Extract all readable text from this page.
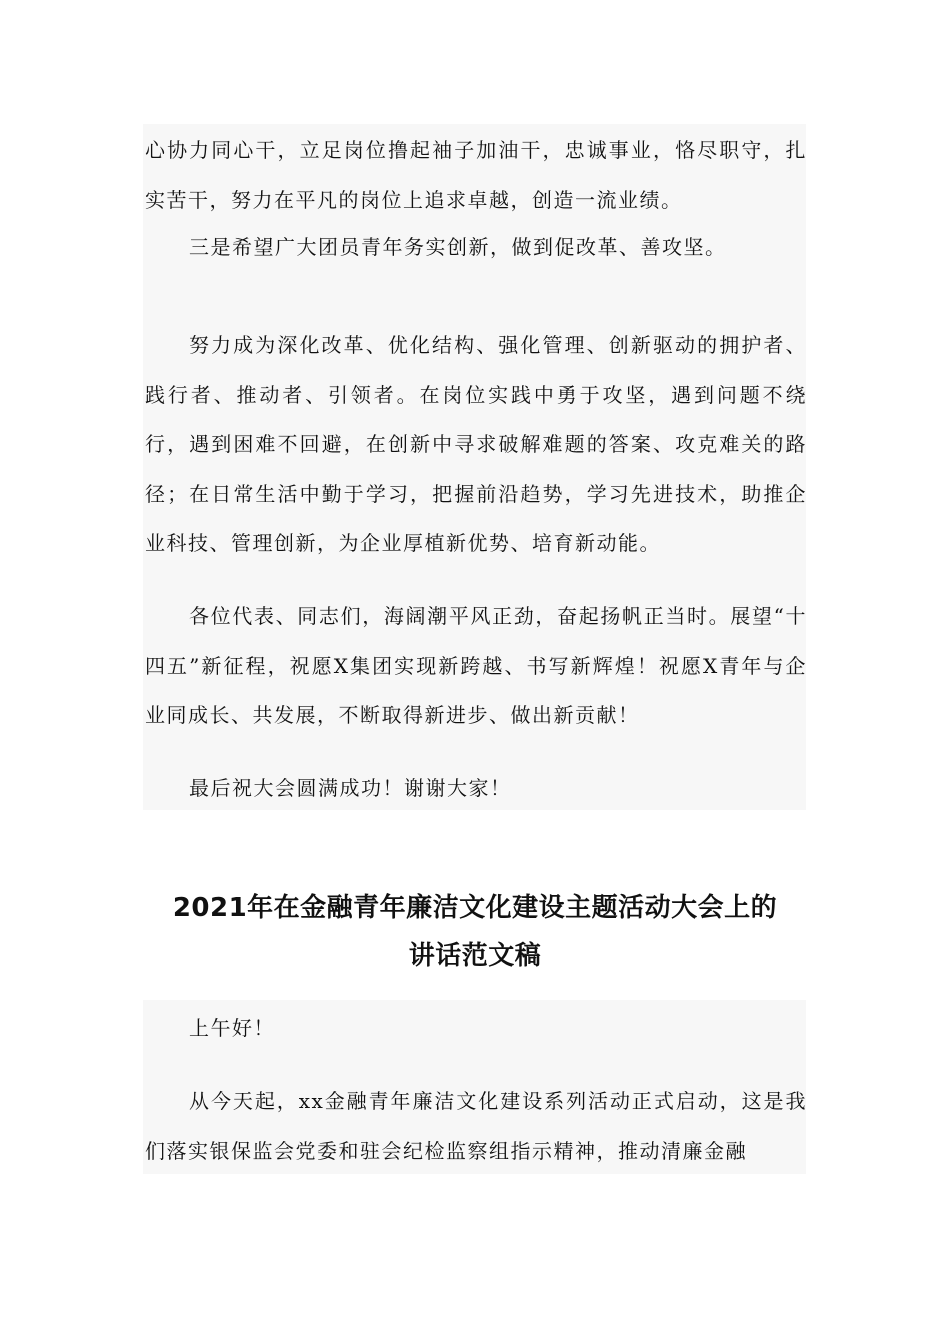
心协力同心干，立足岗位撸起袖子加油干，忠诚事业，恪尽职守，扎实苦干，努力在平凡的岗位上追求卓越，创造一流业绩。

三是希望广大团员青年务实创新，做到促改革、善攻坚。

努力成为深化改革、优化结构、强化管理、创新驱动的拥护者、践行者、推动者、引领者。在岗位实践中勇于攻坚，遇到问题不绕行，遇到困难不回避，在创新中寻求破解难题的答案、攻克难关的路径；在日常生活中勤于学习，把握前沿趋势，学习先进技术，助推企业科技、管理创新，为企业厚植新优势、培育新动能。

各位代表、同志们，海阔潮平风正劲，奋起扬帆正当时。展望“十四五”新征程，祝愿X集团实现新跨越、书写新辉煌！祝愿X青年与企业同成长、共发展，不断取得新进步、做出新贡献！

最后祝大会圆满成功！谢谢大家！

2021年在金融青年廉洁文化建设主题活动大会上的
讲话范文稿

上午好！

从今天起，xx金融青年廉洁文化建设系列活动正式启动，这是我们落实银保监会党委和驻会纪检监察组指示精神，推动清廉金融
